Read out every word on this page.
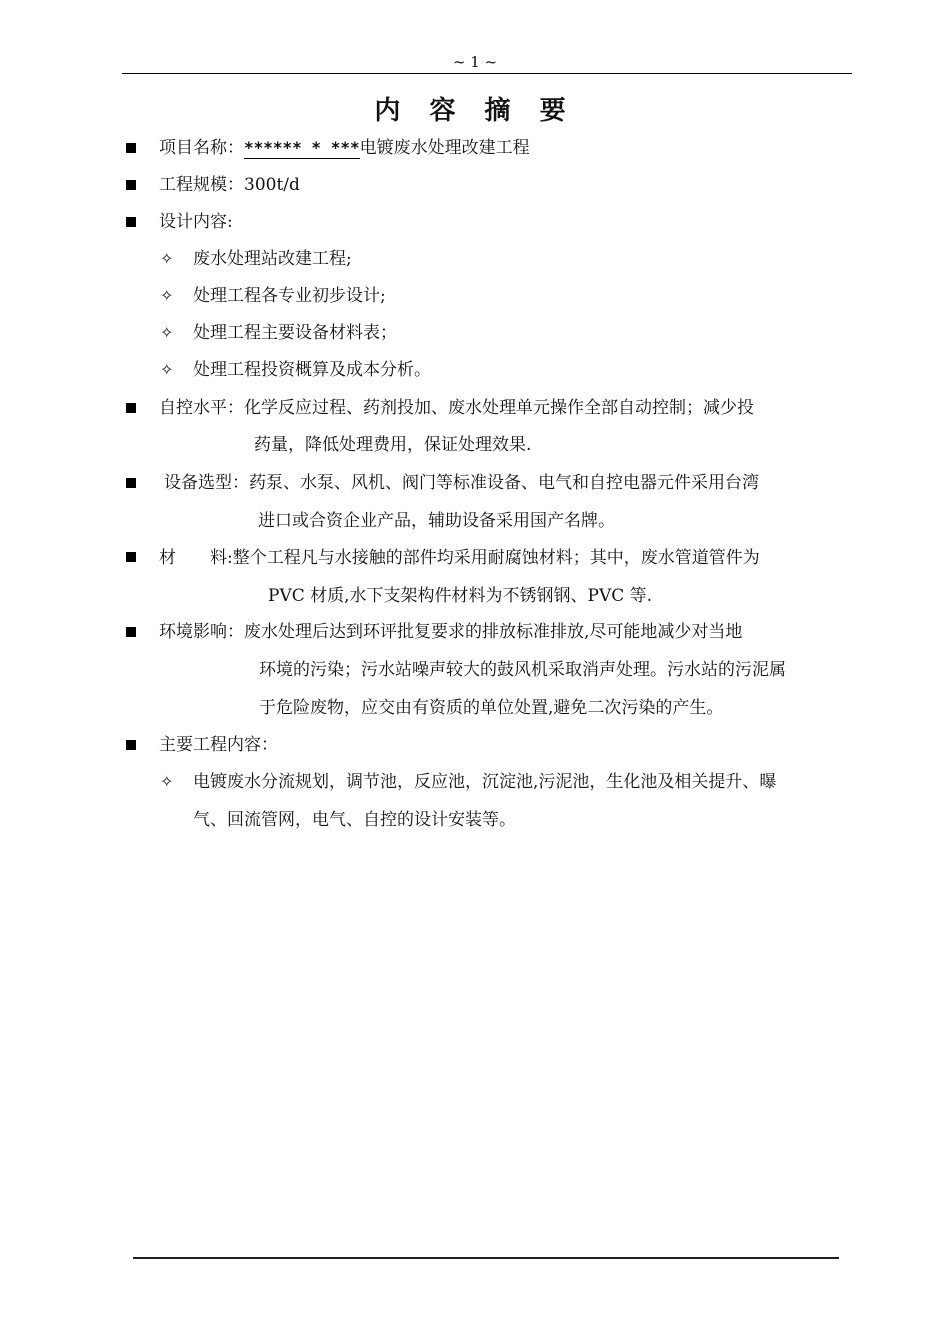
~ 1 ~
内 容 摘 要
项目名称：****** * ***电镀废水处理改建工程
工程规模：300t/d
设计内容:
✧ 废水处理站改建工程;
✧ 处理工程各专业初步设计;
✧ 处理工程主要设备材料表；
✧ 处理工程投资概算及成本分析。
自控水平：化学反应过程、药剂投加、废水处理单元操作全部自动控制；减少投
药量，降低处理费用，保证处理效果.
设备选型：药泵、水泵、风机、阀门等标准设备、电气和自控电器元件采用台湾
进口或合资企业产品，辅助设备采用国产名牌。
材　　料:整个工程凡与水接触的部件均采用耐腐蚀材料；其中，废水管道管件为
PVC 材质,水下支架构件材料为不锈钢钢、PVC 等.
环境影响：废水处理后达到环评批复要求的排放标准排放,尽可能地减少对当地
环境的污染；污水站噪声较大的鼓风机采取消声处理。污水站的污泥属
于危险废物，应交由有资质的单位处置,避免二次污染的产生。
主要工程内容：
✧ 电镀废水分流规划，调节池，反应池，沉淀池,污泥池，生化池及相关提升、曝
气、回流管网，电气、自控的设计安装等。
